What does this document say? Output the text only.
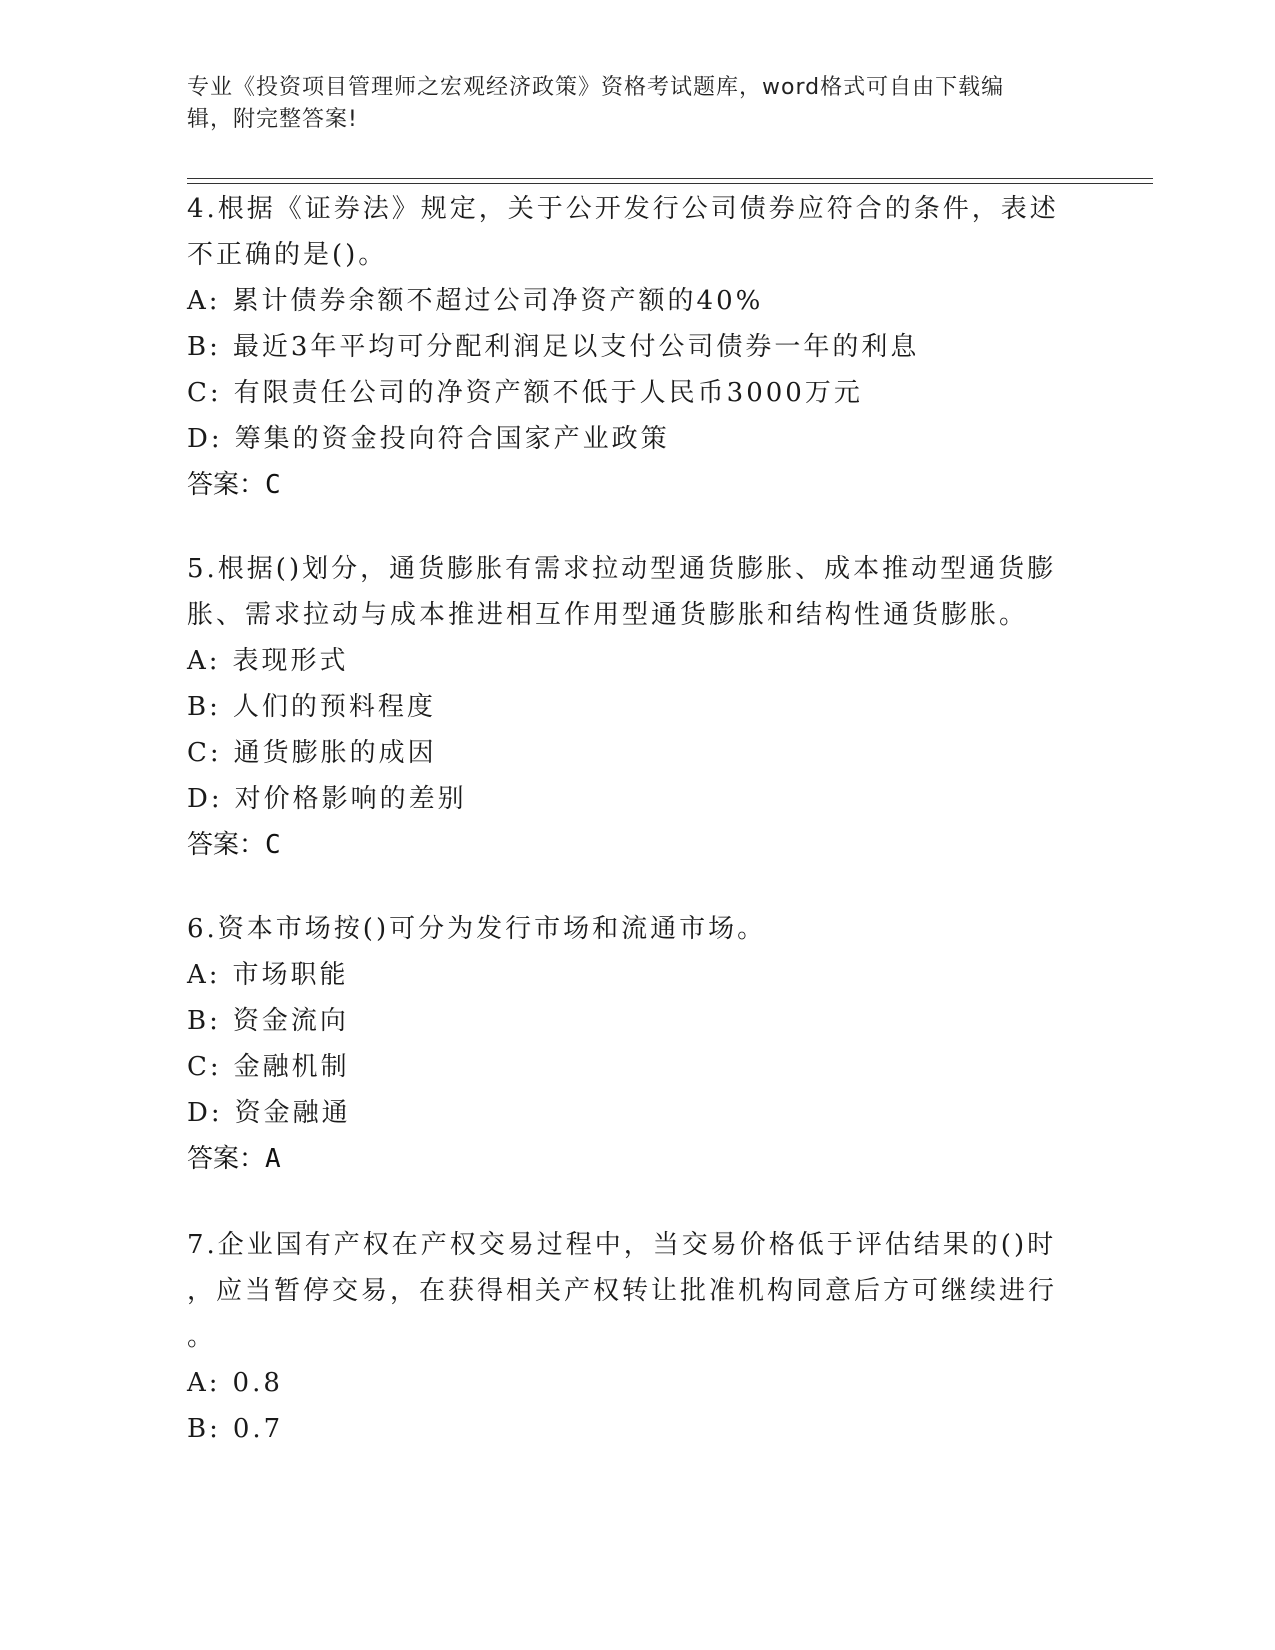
专业《投资项目管理师之宏观经济政策》资格考试题库，word格式可自由下载编
辑，附完整答案!

4.根据《证券法》规定，关于公开发行公司债券应符合的条件，表述

不正确的是()。

A: 累计债券余额不超过公司净资产额的40%

B: 最近3年平均可分配利润足以支付公司债券一年的利息

C: 有限责任公司的净资产额不低于人民币3000万元

D: 筹集的资金投向符合国家产业政策

答案：C

5.根据()划分，通货膨胀有需求拉动型通货膨胀、成本推动型通货膨

胀、需求拉动与成本推进相互作用型通货膨胀和结构性通货膨胀。

A: 表现形式

B: 人们的预料程度

C: 通货膨胀的成因

D: 对价格影响的差别

答案：C

6.资本市场按()可分为发行市场和流通市场。

A: 市场职能

B: 资金流向

C: 金融机制

D: 资金融通

答案：A

7.企业国有产权在产权交易过程中，当交易价格低于评估结果的()时

，应当暂停交易，在获得相关产权转让批准机构同意后方可继续进行

。

A: 0.8

B: 0.7
